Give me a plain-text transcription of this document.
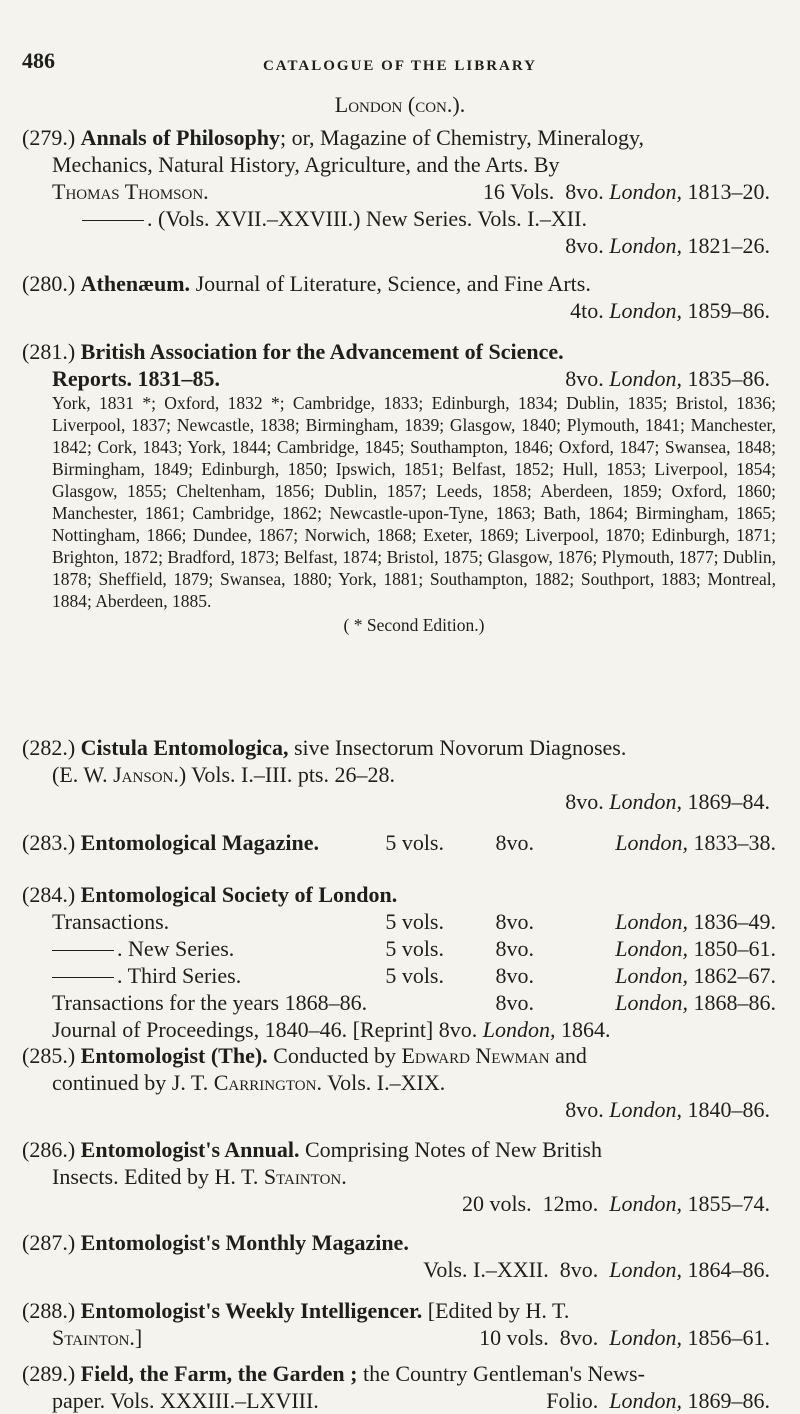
486	CATALOGUE OF THE LIBRARY
London (con.).
(279.) Annals of Philosophy; or, Magazine of Chemistry, Mineralogy,
Mechanics, Natural History, Agriculture, and the Arts. By
Thomas Thomson.	16 Vols. 8vo. London, 1813–20.
. (Vols. XVII.–XXVIII.) New Series. Vols. I.–XII.
8vo. London, 1821–26.
(280.) Athenæum. Journal of Literature, Science, and Fine Arts.
4to. London, 1859–86.
(281.) British Association for the Advancement of Science.
Reports. 1831–85.	8vo. London, 1835–86.
York, 1831 *; Oxford, 1832 *; Cambridge, 1833; Edinburgh, 1834; Dublin, 1835; Bristol, 1836; Liverpool, 1837; Newcastle, 1838; Birmingham, 1839; Glasgow, 1840; Plymouth, 1841; Manchester, 1842; Cork, 1843; York, 1844; Cambridge, 1845; Southampton, 1846; Oxford, 1847; Swansea, 1848; Birmingham, 1849; Edinburgh, 1850; Ipswich, 1851; Belfast, 1852; Hull, 1853; Liverpool, 1854; Glasgow, 1855; Cheltenham, 1856; Dublin, 1857; Leeds, 1858; Aberdeen, 1859; Oxford, 1860; Manchester, 1861; Cambridge, 1862; Newcastle-upon-Tyne, 1863; Bath, 1864; Birmingham, 1865; Nottingham, 1866; Dundee, 1867; Norwich, 1868; Exeter, 1869; Liverpool, 1870; Edinburgh, 1871; Brighton, 1872; Bradford, 1873; Belfast, 1874; Bristol, 1875; Glasgow, 1876; Plymouth, 1877; Dublin, 1878; Sheffield, 1879; Swansea, 1880; York, 1881; Southampton, 1882; Southport, 1883; Montreal, 1884; Aberdeen, 1885.
( * Second Edition.)
(282.) Cistula Entomologica, sive Insectorum Novorum Diagnoses.
(E. W. Janson.) Vols. I.–III. pts. 26–28.
8vo. London, 1869–84.
(283.) Entomological Magazine.	5 vols.	8vo.	London, 1833–38.
(284.) Entomological Society of London.
Transactions.	5 vols.	8vo.	London, 1836–49.
. New Series.	5 vols.	8vo.	London, 1850–61.
. Third Series.	5 vols.	8vo.	London, 1862–67.
Transactions for the years 1868–86.	8vo.	London, 1868–86.
Journal of Proceedings, 1840–46. [Reprint] 8vo. London, 1864.
(285.) Entomologist (The). Conducted by Edward Newman and
continued by J. T. Carrington. Vols. I.–XIX.
8vo. London, 1840–86.
(286.) Entomologist's Annual. Comprising Notes of New British
Insects. Edited by H. T. Stainton.
20 vols. 12mo. London, 1855–74.
(287.) Entomologist's Monthly Magazine.
Vols. I.–XXII. 8vo. London, 1864–86.
(288.) Entomologist's Weekly Intelligencer. [Edited by H. T.
Stainton.]	10 vols. 8vo. London, 1856–61.
(289.) Field, the Farm, the Garden ; the Country Gentleman's News-
paper. Vols. XXXIII.–LXVIII.	Folio. London, 1869–86.
